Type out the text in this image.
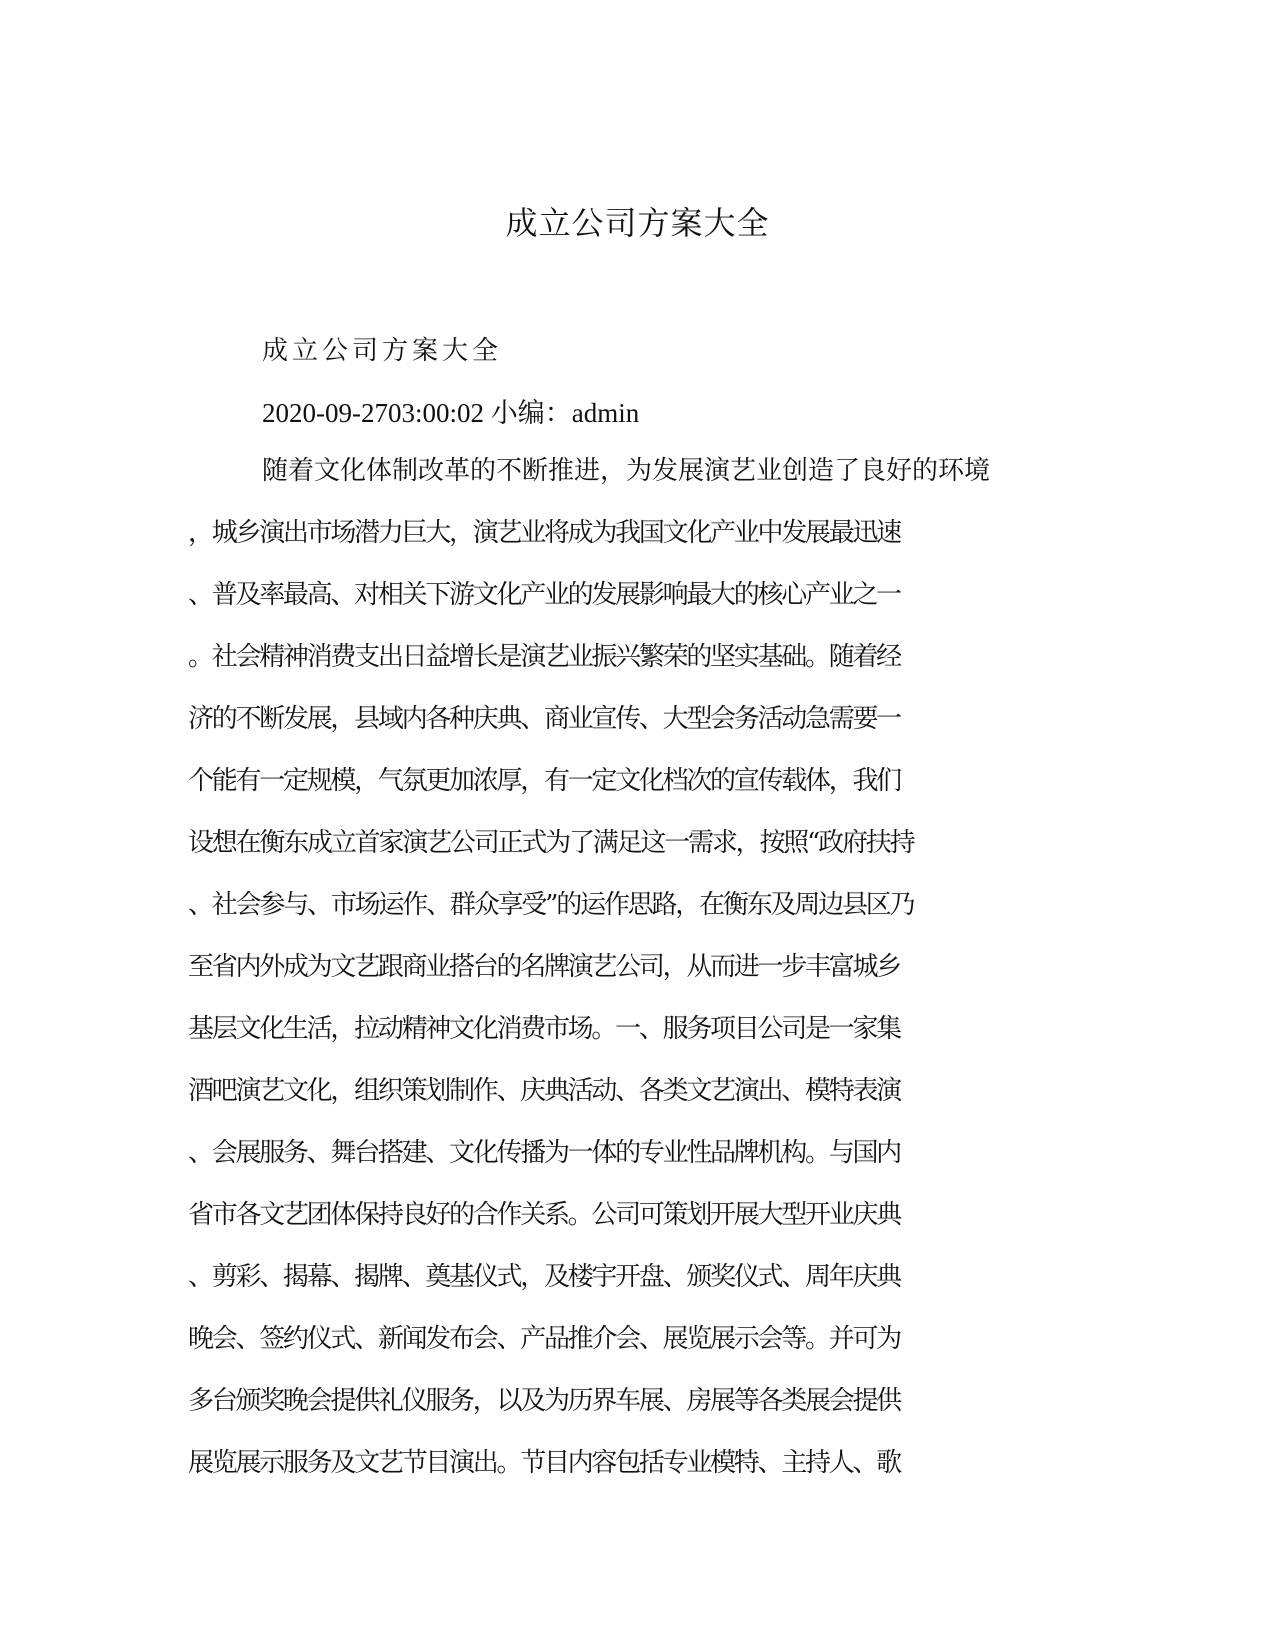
成立公司方案大全
成立公司方案大全
2020-09-2703:00:02 小编：admin
随着文化体制改革的不断推进，为发展演艺业创造了良好的环境
，城乡演出市场潜力巨大，演艺业将成为我国文化产业中发展最迅速
、普及率最高、对相关下游文化产业的发展影响最大的核心产业之一
。社会精神消费支出日益增长是演艺业振兴繁荣的坚实基础。随着经
济的不断发展，县域内各种庆典、商业宣传、大型会务活动急需要一
个能有一定规模，气氛更加浓厚，有一定文化档次的宣传载体，我们
设想在衡东成立首家演艺公司正式为了满足这一需求，按照“政府扶持
、社会参与、市场运作、群众享受”的运作思路，在衡东及周边县区乃
至省内外成为文艺跟商业搭台的名牌演艺公司，从而进一步丰富城乡
基层文化生活，拉动精神文化消费市场。一、服务项目公司是一家集
酒吧演艺文化，组织策划制作、庆典活动、各类文艺演出、模特表演
、会展服务、舞台搭建、文化传播为一体的专业性品牌机构。与国内
省市各文艺团体保持良好的合作关系。公司可策划开展大型开业庆典
、剪彩、揭幕、揭牌、奠基仪式，及楼宇开盘、颁奖仪式、周年庆典
晚会、签约仪式、新闻发布会、产品推介会、展览展示会等。并可为
多台颁奖晚会提供礼仪服务，以及为历界车展、房展等各类展会提供
展览展示服务及文艺节目演出。节目内容包括专业模特、主持人、歌
